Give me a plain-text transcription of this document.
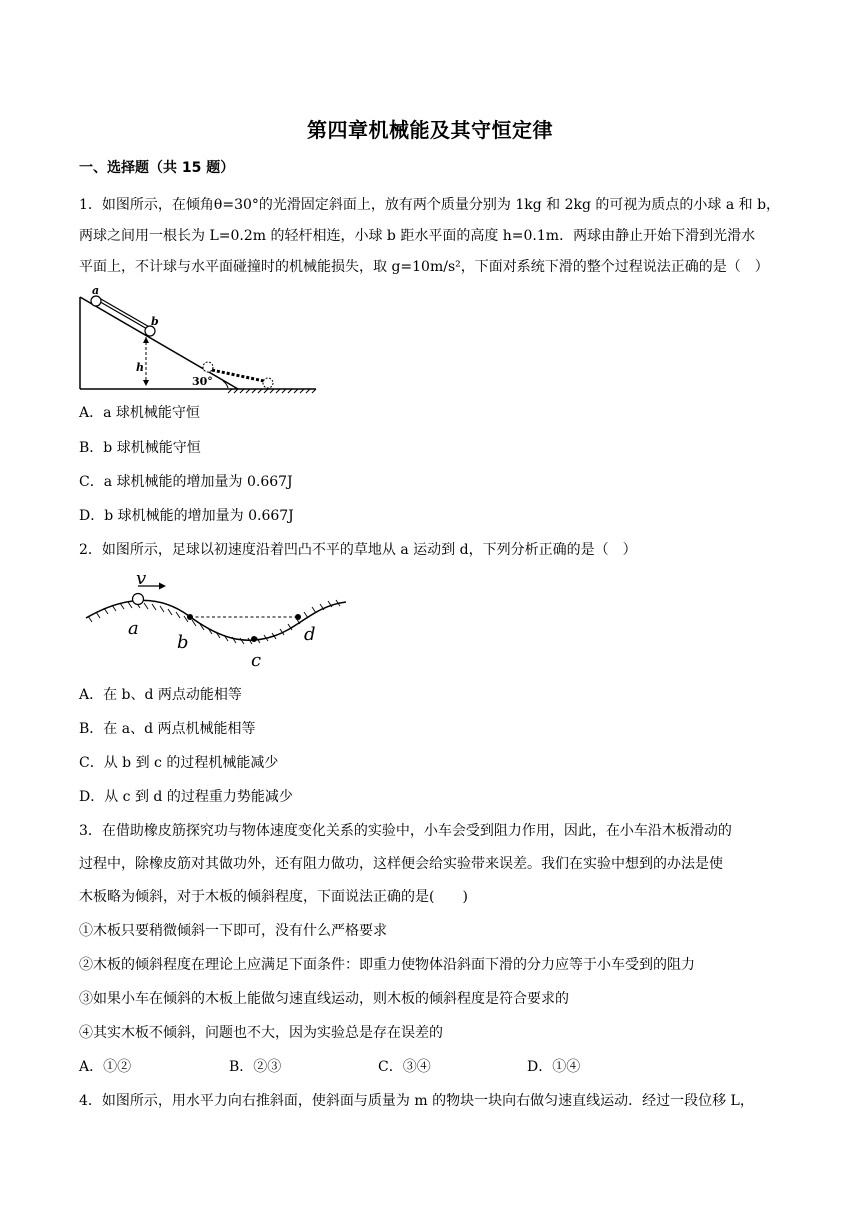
第四章机械能及其守恒定律
一、选择题（共 15 题）
1．如图所示，在倾角θ=30°的光滑固定斜面上，放有两个质量分别为 1kg 和 2kg 的可视为质点的小球 a 和 b，
两球之间用一根长为 L=0.2m 的轻杆相连，小球 b 距水平面的高度 h=0.1m．两球由静止开始下滑到光滑水
平面上，不计球与水平面碰撞时的机械能损失，取 g=10m/s²，下面对系统下滑的整个过程说法正确的是（　）
a
b
h
30°
A．a 球机械能守恒
B．b 球机械能守恒
C．a 球机械能的增加量为 0.667J
D．b 球机械能的增加量为 0.667J
2．如图所示，足球以初速度沿着凹凸不平的草地从 a 运动到 d，下列分析正确的是（　）
v
a
b
c
d
A．在 b、d 两点动能相等
B．在 a、d 两点机械能相等
C．从 b 到 c 的过程机械能减少
D．从 c 到 d 的过程重力势能减少
3．在借助橡皮筋探究功与物体速度变化关系的实验中，小车会受到阻力作用，因此，在小车沿木板滑动的
过程中，除橡皮筋对其做功外，还有阻力做功，这样便会给实验带来误差。我们在实验中想到的办法是使
木板略为倾斜，对于木板的倾斜程度，下面说法正确的是(　　)
①木板只要稍微倾斜一下即可，没有什么严格要求
②木板的倾斜程度在理论上应满足下面条件：即重力使物体沿斜面下滑的分力应等于小车受到的阻力
③如果小车在倾斜的木板上能做匀速直线运动，则木板的倾斜程度是符合要求的
④其实木板不倾斜，问题也不大，因为实验总是存在误差的
A．①②	B．②③	C．③④	D．①④
4．如图所示，用水平力向右推斜面，使斜面与质量为 m 的物块一块向右做匀速直线运动．经过一段位移 L，
